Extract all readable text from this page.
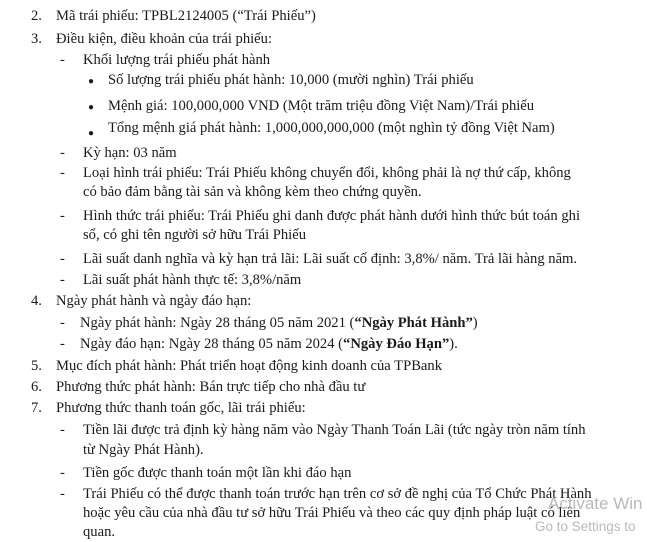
2. Mã trái phiếu: TPBL2124005 (“Trái Phiếu”)
3. Điều kiện, điều khoản của trái phiếu:
- Khối lượng trái phiếu phát hành
● Số lượng trái phiếu phát hành: 10,000 (mười nghìn) Trái phiếu
● Mệnh giá: 100,000,000 VND (Một trăm triệu đồng Việt Nam)/Trái phiếu
● Tổng mệnh giá phát hành: 1,000,000,000,000 (một nghìn tỷ đồng Việt Nam)
- Kỳ hạn: 03 năm
- Loại hình trái phiếu: Trái Phiếu không chuyển đổi, không phải là nợ thứ cấp, không
có bảo đảm bằng tài sản và không kèm theo chứng quyền.
- Hình thức trái phiếu: Trái Phiếu ghi danh được phát hành dưới hình thức bút toán ghi
sổ, có ghi tên người sở hữu Trái Phiếu
- Lãi suất danh nghĩa và kỳ hạn trả lãi: Lãi suất cố định: 3,8%/ năm. Trả lãi hàng năm.
- Lãi suất phát hành thực tế: 3,8%/năm
4. Ngày phát hành và ngày đáo hạn:
- Ngày phát hành: Ngày 28 tháng 05 năm 2021 (“Ngày Phát Hành”)
- Ngày đáo hạn: Ngày 28 tháng 05 năm 2024 (“Ngày Đáo Hạn”).
5. Mục đích phát hành: Phát triển hoạt động kinh doanh của TPBank
6. Phương thức phát hành: Bán trực tiếp cho nhà đầu tư
7. Phương thức thanh toán gốc, lãi trái phiếu:
- Tiền lãi được trả định kỳ hàng năm vào Ngày Thanh Toán Lãi (tức ngày tròn năm tính
từ Ngày Phát Hành).
- Tiền gốc được thanh toán một lần khi đáo hạn
- Trái Phiếu có thể được thanh toán trước hạn trên cơ sở đề nghị của Tổ Chức Phát Hành
hoặc yêu cầu của nhà đầu tư sở hữu Trái Phiếu và theo các quy định pháp luật có liên
quan.
Activate Win
Go to Settings to
